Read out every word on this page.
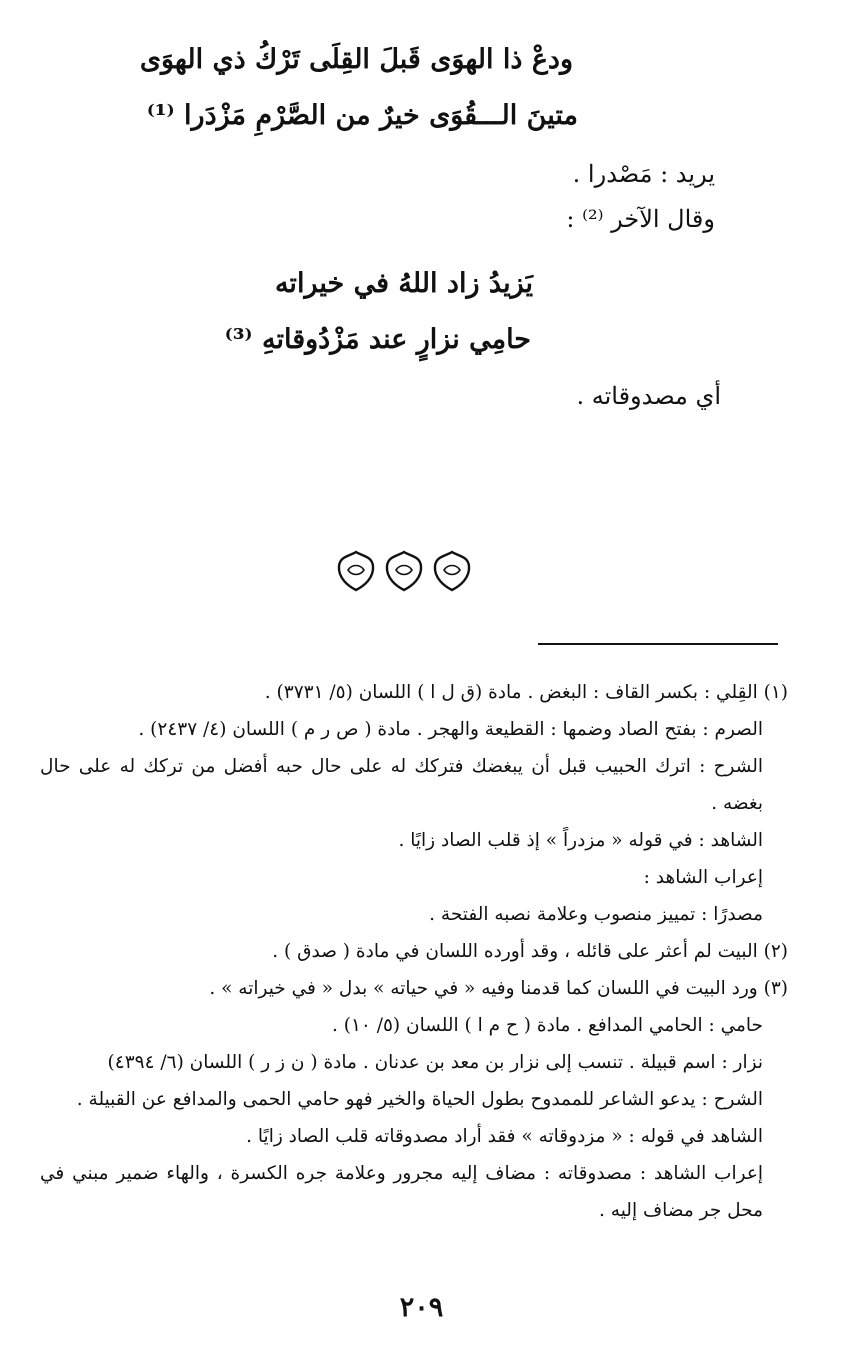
ودعْ ذا الهوَى قَبلَ القِلَى تَرْكُ ذي الهوَى
متينَ الـــقُوَى خيرٌ من الصَّرْمِ مَزْدَرا ⁽¹⁾
يريد : مَصْدرا .
وقال الآخر ⁽²⁾ :
يَزيدُ زاد اللهُ في خيراته
حامِي نزارٍ عند مَزْدُوقاتهِ ⁽³⁾
أي مصدوقاته .
(١) القِلي : بكسر القاف : البغض . مادة (ق ل ا ) اللسان (٥/ ٣٧٣١) .
الصرم : بفتح الصاد وضمها : القطيعة والهجر . مادة ( ص ر م ) اللسان (٤/ ٢٤٣٧) .
الشرح : اترك الحبيب قبل أن يبغضك فتركك له على حال حبه أفضل من تركك له على حال بغضه .
الشاهد : في قوله « مزدراً » إذ قلب الصاد زايًا .
إعراب الشاهد :
مصدرًا : تمييز منصوب وعلامة نصبه الفتحة .
(٢) البيت لم أعثر على قائله ، وقد أورده اللسان في مادة ( صدق ) .
(٣) ورد البيت في اللسان كما قدمنا وفيه « في حياته » بدل « في خيراته » .
حامي : الحامي المدافع . مادة ( ح م ا ) اللسان (٥/ ١٠) .
نزار : اسم قبيلة . تنسب إلى نزار بن معد بن عدنان . مادة ( ن ز ر ) اللسان (٦/ ٤٣٩٤)
الشرح : يدعو الشاعر للممدوح بطول الحياة والخير فهو حامي الحمى والمدافع عن القبيلة .
الشاهد في قوله : « مزدوقاته » فقد أراد مصدوقاته قلب الصاد زايًا .
إعراب الشاهد : مصدوقاته : مضاف إليه مجرور وعلامة جره الكسرة ، والهاء ضمير مبني في محل جر مضاف إليه .
٢٠٩
